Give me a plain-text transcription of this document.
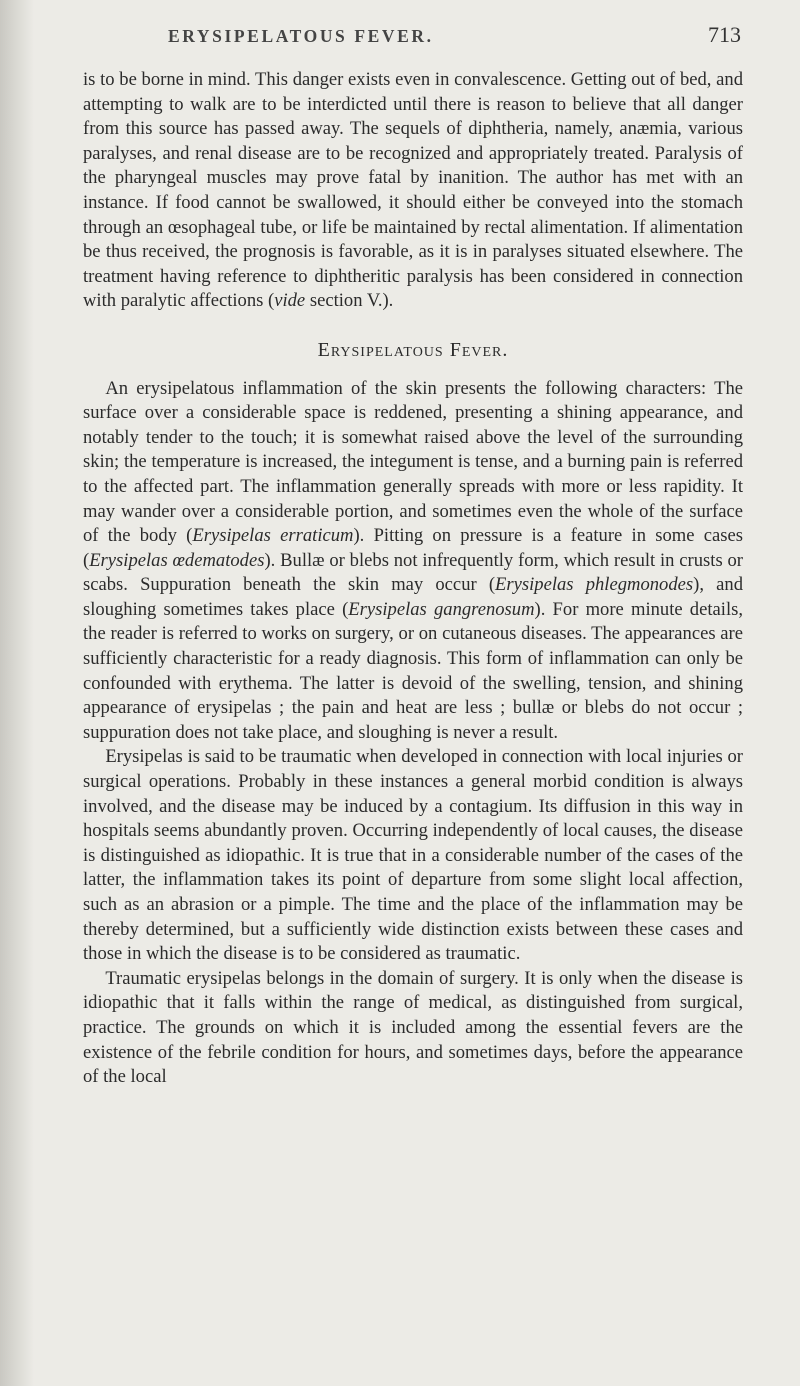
ERYSIPELATOUS FEVER.	713

is to be borne in mind. This danger exists even in convalescence. Getting out of bed, and attempting to walk are to be interdicted until there is reason to believe that all danger from this source has passed away. The sequels of diphtheria, namely, anæmia, various paralyses, and renal disease are to be recognized and appropriately treated. Paralysis of the pharyngeal muscles may prove fatal by inanition. The author has met with an instance. If food cannot be swallowed, it should either be conveyed into the stomach through an œsophageal tube, or life be maintained by rectal alimentation. If alimentation be thus received, the prognosis is favorable, as it is in paralyses situated elsewhere. The treatment having reference to diphtheritic paralysis has been considered in connection with paralytic affections (vide section V.).

Erysipelatous Fever.

An erysipelatous inflammation of the skin presents the following characters: The surface over a considerable space is reddened, presenting a shining appearance, and notably tender to the touch; it is somewhat raised above the level of the surrounding skin; the temperature is increased, the integument is tense, and a burning pain is referred to the affected part. The inflammation generally spreads with more or less rapidity. It may wander over a considerable portion, and sometimes even the whole of the surface of the body (Erysipelas erraticum). Pitting on pressure is a feature in some cases (Erysipelas œdematodes). Bullæ or blebs not infrequently form, which result in crusts or scabs. Suppuration beneath the skin may occur (Erysipelas phlegmonodes), and sloughing sometimes takes place (Erysipelas gangrenosum). For more minute details, the reader is referred to works on surgery, or on cutaneous diseases. The appearances are sufficiently characteristic for a ready diagnosis. This form of inflammation can only be confounded with erythema. The latter is devoid of the swelling, tension, and shining appearance of erysipelas ; the pain and heat are less ; bullæ or blebs do not occur ; suppuration does not take place, and sloughing is never a result.

Erysipelas is said to be traumatic when developed in connection with local injuries or surgical operations. Probably in these instances a general morbid condition is always involved, and the disease may be induced by a contagium. Its diffusion in this way in hospitals seems abundantly proven. Occurring independently of local causes, the disease is distinguished as idiopathic. It is true that in a considerable number of the cases of the latter, the inflammation takes its point of departure from some slight local affection, such as an abrasion or a pimple. The time and the place of the inflammation may be thereby determined, but a sufficiently wide distinction exists between these cases and those in which the disease is to be considered as traumatic.

Traumatic erysipelas belongs in the domain of surgery. It is only when the disease is idiopathic that it falls within the range of medical, as distinguished from surgical, practice. The grounds on which it is included among the essential fevers are the existence of the febrile condition for hours, and sometimes days, before the appearance of the local
